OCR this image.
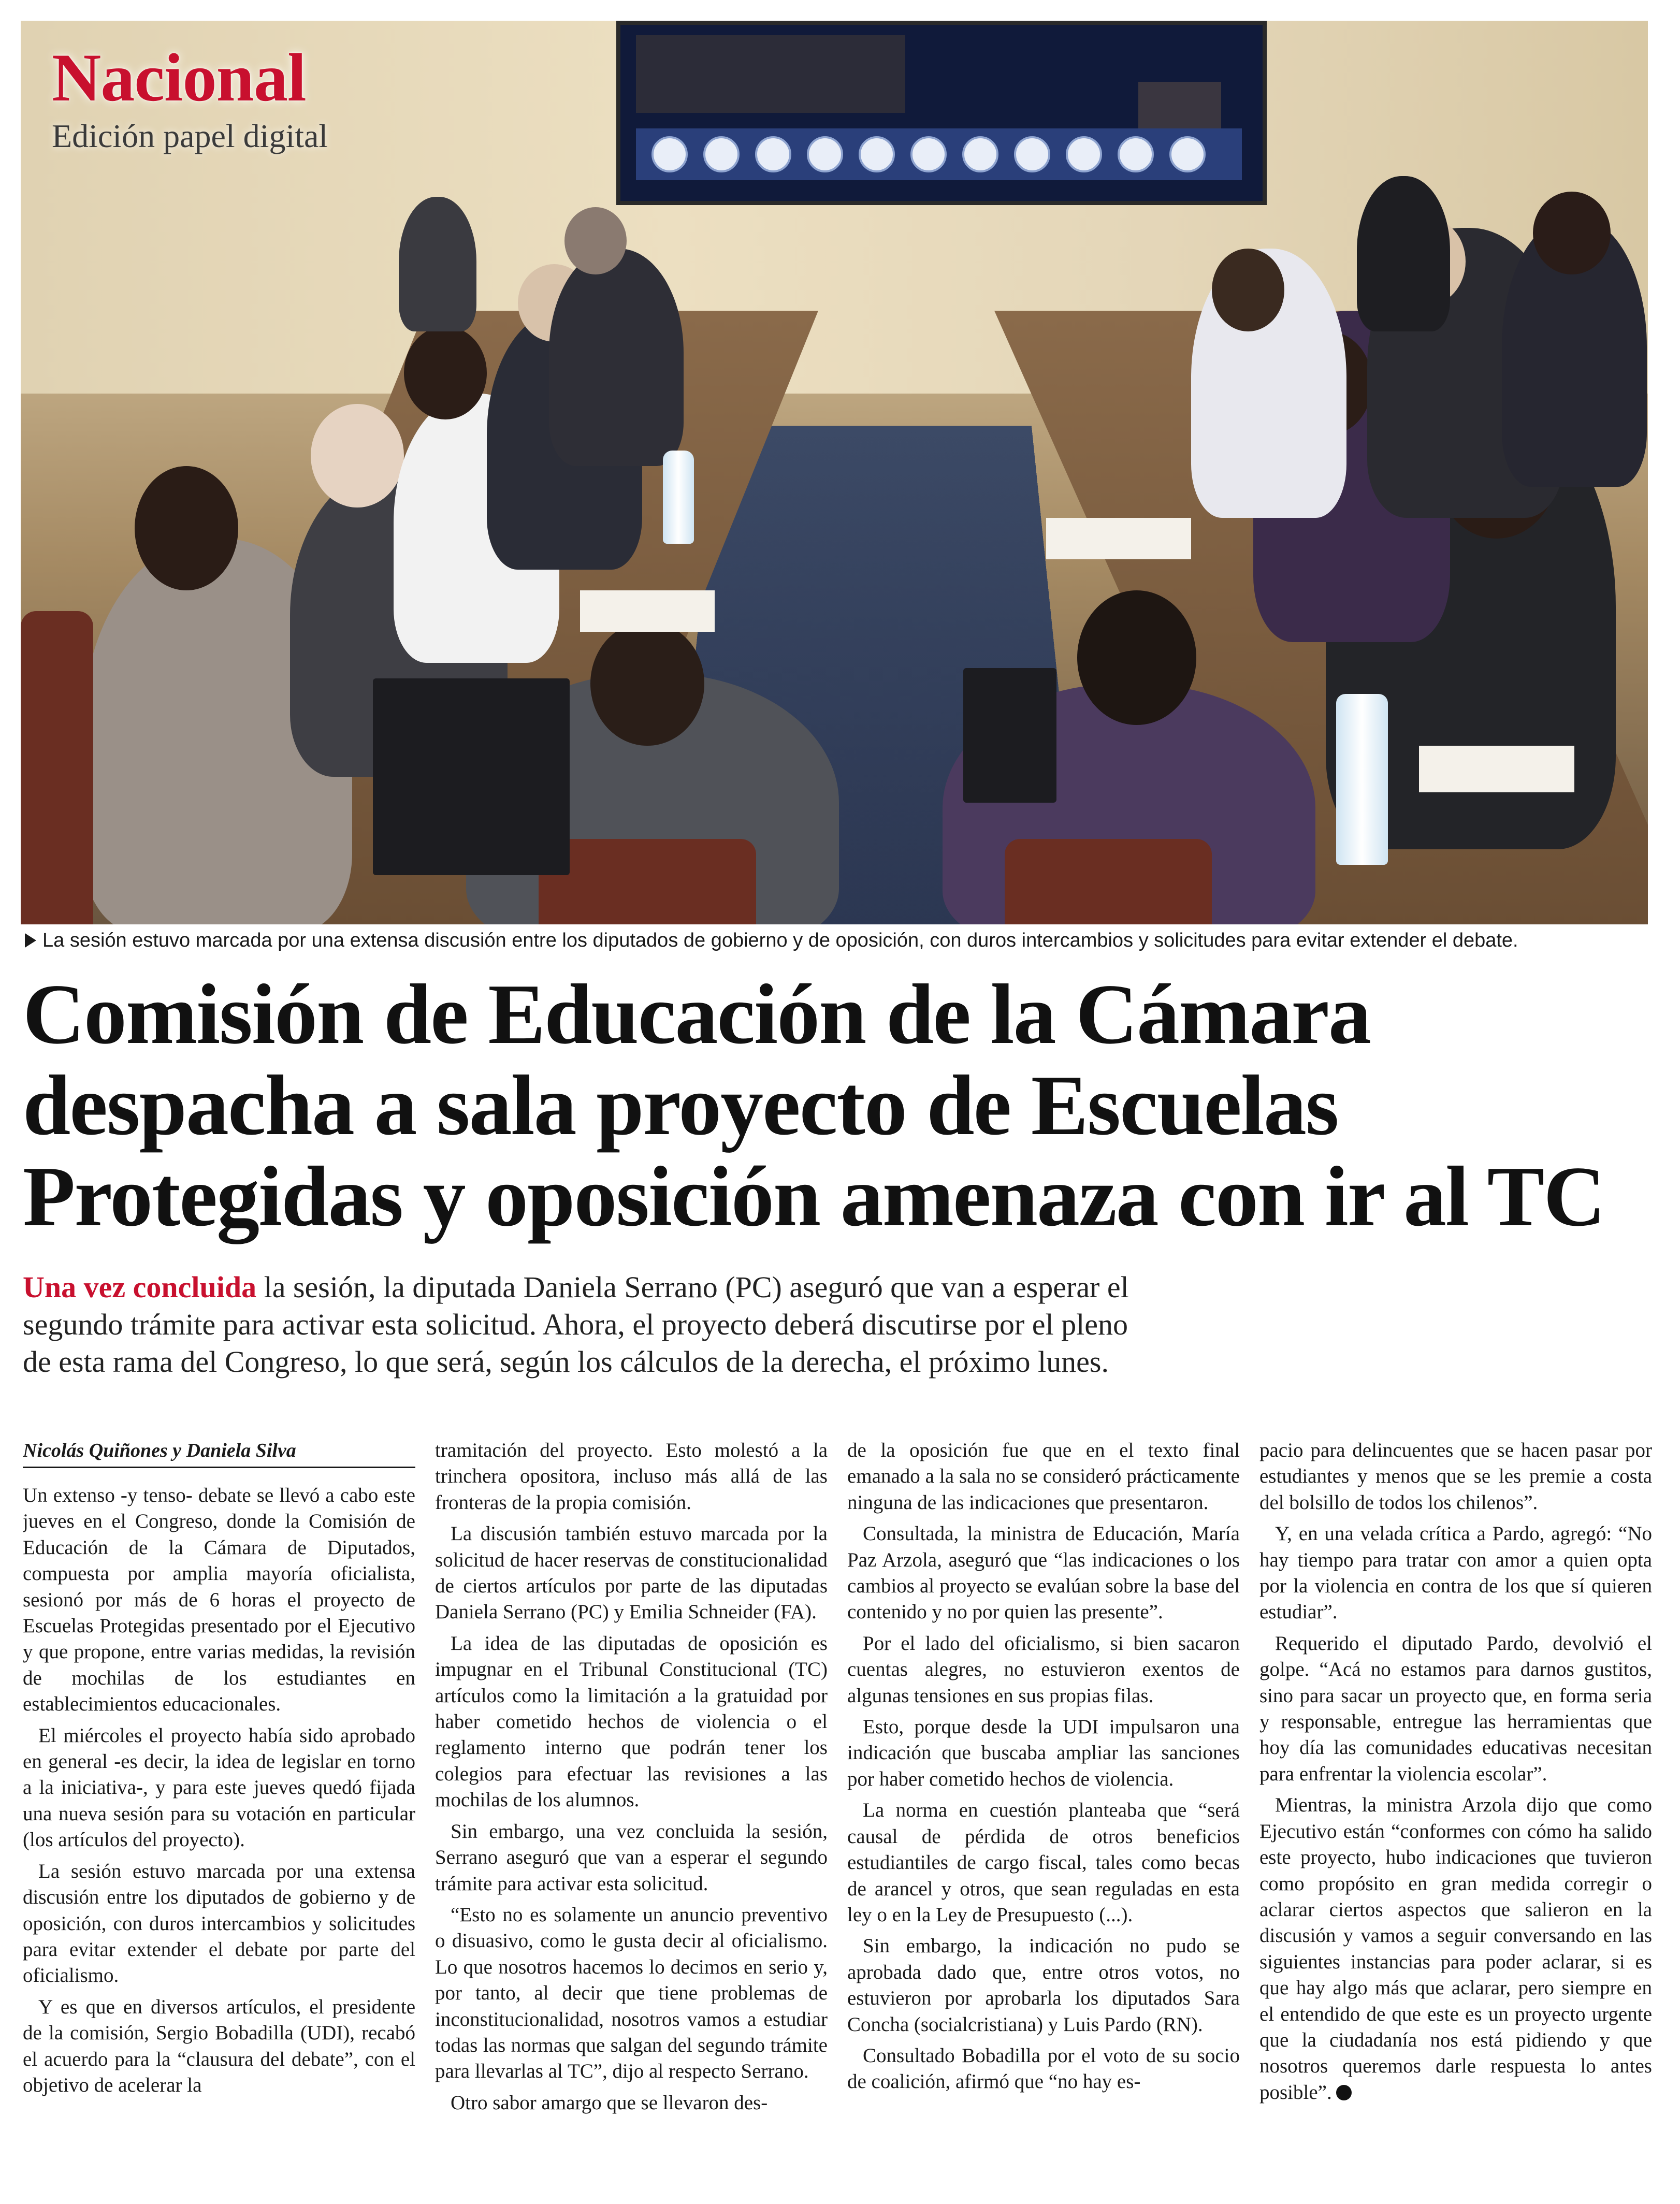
Nacional
Edición papel digital
La sesión estuvo marcada por una extensa discusión entre los diputados de gobierno y de oposición, con duros intercambios y solicitudes para evitar extender el debate.
Comisión de Educación de la Cámara
despacha a sala proyecto de Escuelas
Protegidas y oposición amenaza con ir al TC
Una vez concluida la sesión, la diputada Daniela Serrano (PC) aseguró que van a esperar el
segundo trámite para activar esta solicitud. Ahora, el proyecto deberá discutirse por el pleno
de esta rama del Congreso, lo que será, según los cálculos de la derecha, el próximo lunes.
Nicolás Quiñones y Daniela Silva

Un extenso -y tenso- debate se llevó a cabo este jueves en el Congreso, donde la Comisión de Educación de la Cámara de Diputados, compuesta por amplia mayoría oficialista, sesionó por más de 6 horas el proyecto de Escuelas Protegidas presentado por el Ejecutivo y que propone, entre varias medidas, la revisión de mochilas de los estudiantes en establecimientos educacionales.

El miércoles el proyecto había sido aprobado en general -es decir, la idea de legislar en torno a la iniciativa-, y para este jueves quedó fijada una nueva sesión para su votación en particular (los artículos del proyecto).

La sesión estuvo marcada por una extensa discusión entre los diputados de gobierno y de oposición, con duros intercambios y solicitudes para evitar extender el debate por parte del oficialismo.

Y es que en diversos artículos, el presidente de la comisión, Sergio Bobadilla (UDI), recabó el acuerdo para la “clausura del debate”, con el objetivo de acelerar la

tramitación del proyecto. Esto molestó a la trinchera opositora, incluso más allá de las fronteras de la propia comisión.

La discusión también estuvo marcada por la solicitud de hacer reservas de constitucionalidad de ciertos artículos por parte de las diputadas Daniela Serrano (PC) y Emilia Schneider (FA).

La idea de las diputadas de oposición es impugnar en el Tribunal Constitucional (TC) artículos como la limitación a la gratuidad por haber cometido hechos de violencia o el reglamento interno que podrán tener los colegios para efectuar las revisiones a las mochilas de los alumnos.

Sin embargo, una vez concluida la sesión, Serrano aseguró que van a esperar el segundo trámite para activar esta solicitud.

“Esto no es solamente un anuncio preventivo o disuasivo, como le gusta decir al oficialismo. Lo que nosotros hacemos lo decimos en serio y, por tanto, al decir que tiene problemas de inconstitucionalidad, nosotros vamos a estudiar todas las normas que salgan del segundo trámite para llevarlas al TC”, dijo al respecto Serrano.

Otro sabor amargo que se llevaron des-

de la oposición fue que en el texto final emanado a la sala no se consideró prácticamente ninguna de las indicaciones que presentaron.

Consultada, la ministra de Educación, María Paz Arzola, aseguró que “las indicaciones o los cambios al proyecto se evalúan sobre la base del contenido y no por quien las presente”.

Por el lado del oficialismo, si bien sacaron cuentas alegres, no estuvieron exentos de algunas tensiones en sus propias filas.

Esto, porque desde la UDI impulsaron una indicación que buscaba ampliar las sanciones por haber cometido hechos de violencia.

La norma en cuestión planteaba que “será causal de pérdida de otros beneficios estudiantiles de cargo fiscal, tales como becas de arancel y otros, que sean reguladas en esta ley o en la Ley de Presupuesto (...).

Sin embargo, la indicación no pudo se aprobada dado que, entre otros votos, no estuvieron por aprobarla los diputados Sara Concha (socialcristiana) y Luis Pardo (RN).

Consultado Bobadilla por el voto de su socio de coalición, afirmó que “no hay es-

pacio para delincuentes que se hacen pasar por estudiantes y menos que se les premie a costa del bolsillo de todos los chilenos”.

Y, en una velada crítica a Pardo, agregó: “No hay tiempo para tratar con amor a quien opta por la violencia en contra de los que sí quieren estudiar”.

Requerido el diputado Pardo, devolvió el golpe. “Acá no estamos para darnos gustitos, sino para sacar un proyecto que, en forma seria y responsable, entregue las herramientas que hoy día las comunidades educativas necesitan para enfrentar la violencia escolar”.

Mientras, la ministra Arzola dijo que como Ejecutivo están “conformes con cómo ha salido este proyecto, hubo indicaciones que tuvieron como propósito en gran medida corregir o aclarar ciertos aspectos que salieron en la discusión y vamos a seguir conversando en las siguientes instancias para poder aclarar, si es que hay algo más que aclarar, pero siempre en el entendido de que este es un proyecto urgente que la ciudadanía nos está pidiendo y que nosotros queremos darle respuesta lo antes posible”.
